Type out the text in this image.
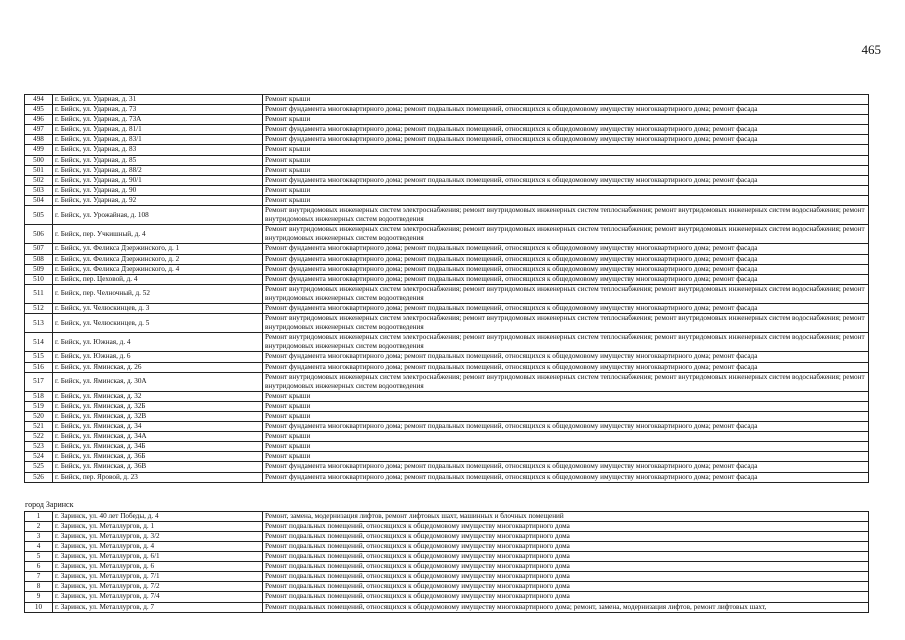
465
494	г. Бийск, ул. Ударная, д. 31	Ремонт крыши
495	г. Бийск, ул. Ударная, д. 73	Ремонт фундамента многоквартирного дома; ремонт подвальных помещений, относящихся к общедомовому имуществу многоквартирного дома; ремонт фасада
496	г. Бийск, ул. Ударная, д. 73А	Ремонт крыши
497	г. Бийск, ул. Ударная, д. 81/1	Ремонт фундамента многоквартирного дома; ремонт подвальных помещений, относящихся к общедомовому имуществу многоквартирного дома; ремонт фасада
498	г. Бийск, ул. Ударная, д. 83/1	Ремонт фундамента многоквартирного дома; ремонт подвальных помещений, относящихся к общедомовому имуществу многоквартирного дома; ремонт фасада
499	г. Бийск, ул. Ударная, д. 83	Ремонт крыши
500	г. Бийск, ул. Ударная, д. 85	Ремонт крыши
501	г. Бийск, ул. Ударная, д. 88/2	Ремонт крыши
502	г. Бийск, ул. Ударная, д. 90/1	Ремонт фундамента многоквартирного дома; ремонт подвальных помещений, относящихся к общедомовому имуществу многоквартирного дома; ремонт фасада
503	г. Бийск, ул. Ударная, д. 90	Ремонт крыши
504	г. Бийск, ул. Ударная, д. 92	Ремонт крыши
505	г. Бийск, ул. Урожайная, д. 108	Ремонт внутридомовых инженерных систем электроснабжения; ремонт внутридомовых инженерных систем теплоснабжения; ремонт внутридомовых инженерных систем водоснабжения; ремонт внутридомовых инженерных систем водоотведения
506	г. Бийск, пер. Учкишный, д. 4	Ремонт внутридомовых инженерных систем электроснабжения; ремонт внутридомовых инженерных систем теплоснабжения; ремонт внутридомовых инженерных систем водоснабжения; ремонт внутридомовых инженерных систем водоотведения
507	г. Бийск, ул. Феликса Дзержинского, д. 1	Ремонт фундамента многоквартирного дома; ремонт подвальных помещений, относящихся к общедомовому имуществу многоквартирного дома; ремонт фасада
508	г. Бийск, ул. Феликса Дзержинского, д. 2	Ремонт фундамента многоквартирного дома; ремонт подвальных помещений, относящихся к общедомовому имуществу многоквартирного дома; ремонт фасада
509	г. Бийск, ул. Феликса Дзержинского, д. 4	Ремонт фундамента многоквартирного дома; ремонт подвальных помещений, относящихся к общедомовому имуществу многоквартирного дома; ремонт фасада
510	г. Бийск, пер. Цеховой, д. 4	Ремонт фундамента многоквартирного дома; ремонт подвальных помещений, относящихся к общедомовому имуществу многоквартирного дома; ремонт фасада
511	г. Бийск, пер. Челночный, д. 52	Ремонт внутридомовых инженерных систем электроснабжения; ремонт внутридомовых инженерных систем теплоснабжения; ремонт внутридомовых инженерных систем водоснабжения; ремонт внутридомовых инженерных систем водоотведения
512	г. Бийск, ул. Челюскинцев, д. 3	Ремонт фундамента многоквартирного дома; ремонт подвальных помещений, относящихся к общедомовому имуществу многоквартирного дома; ремонт фасада
513	г. Бийск, ул. Челюскинцев, д. 5	Ремонт внутридомовых инженерных систем электроснабжения; ремонт внутридомовых инженерных систем теплоснабжения; ремонт внутридомовых инженерных систем водоснабжения; ремонт внутридомовых инженерных систем водоотведения
514	г. Бийск, ул. Южная, д. 4	Ремонт внутридомовых инженерных систем электроснабжения; ремонт внутридомовых инженерных систем теплоснабжения; ремонт внутридомовых инженерных систем водоснабжения; ремонт внутридомовых инженерных систем водоотведения
515	г. Бийск, ул. Южная, д. 6	Ремонт фундамента многоквартирного дома; ремонт подвальных помещений, относящихся к общедомовому имуществу многоквартирного дома; ремонт фасада
516	г. Бийск, ул. Яминская, д. 26	Ремонт фундамента многоквартирного дома; ремонт подвальных помещений, относящихся к общедомовому имуществу многоквартирного дома; ремонт фасада
517	г. Бийск, ул. Яминская, д. 30А	Ремонт внутридомовых инженерных систем электроснабжения; ремонт внутридомовых инженерных систем теплоснабжения; ремонт внутридомовых инженерных систем водоснабжения; ремонт внутридомовых инженерных систем водоотведения
518	г. Бийск, ул. Яминская, д. 32	Ремонт крыши
519	г. Бийск, ул. Яминская, д. 32Б	Ремонт крыши
520	г. Бийск, ул. Яминская, д. 32В	Ремонт крыши
521	г. Бийск, ул. Яминская, д. 34	Ремонт фундамента многоквартирного дома; ремонт подвальных помещений, относящихся к общедомовому имуществу многоквартирного дома; ремонт фасада
522	г. Бийск, ул. Яминская, д. 34А	Ремонт крыши
523	г. Бийск, ул. Яминская, д. 34Б	Ремонт крыши
524	г. Бийск, ул. Яминская, д. 36Б	Ремонт крыши
525	г. Бийск, ул. Яминская, д. 36В	Ремонт фундамента многоквартирного дома; ремонт подвальных помещений, относящихся к общедомовому имуществу многоквартирного дома; ремонт фасада
526	г. Бийск, пер. Яровой, д. 23	Ремонт фундамента многоквартирного дома; ремонт подвальных помещений, относящихся к общедомовому имуществу многоквартирного дома; ремонт фасада
город Заринск
1	г. Заринск, ул. 40 лет Победы, д. 4	Ремонт, замена, модернизация лифтов, ремонт лифтовых шахт, машинных и блочных помещений
2	г. Заринск, ул. Металлургов, д. 1	Ремонт подвальных помещений, относящихся к общедомовому имуществу многоквартирного дома
3	г. Заринск, ул. Металлургов, д. 3/2	Ремонт подвальных помещений, относящихся к общедомовому имуществу многоквартирного дома
4	г. Заринск, ул. Металлургов, д. 4	Ремонт подвальных помещений, относящихся к общедомовому имуществу многоквартирного дома
5	г. Заринск, ул. Металлургов, д. 6/1	Ремонт подвальных помещений, относящихся к общедомовому имуществу многоквартирного дома
6	г. Заринск, ул. Металлургов, д. 6	Ремонт подвальных помещений, относящихся к общедомовому имуществу многоквартирного дома
7	г. Заринск, ул. Металлургов, д. 7/1	Ремонт подвальных помещений, относящихся к общедомовому имуществу многоквартирного дома
8	г. Заринск, ул. Металлургов, д. 7/2	Ремонт подвальных помещений, относящихся к общедомовому имуществу многоквартирного дома
9	г. Заринск, ул. Металлургов, д. 7/4	Ремонт подвальных помещений, относящихся к общедомовому имуществу многоквартирного дома
10	г. Заринск, ул. Металлургов, д. 7	Ремонт подвальных помещений, относящихся к общедомовому имуществу многоквартирного дома; ремонт, замена, модернизация лифтов, ремонт лифтовых шахт,
